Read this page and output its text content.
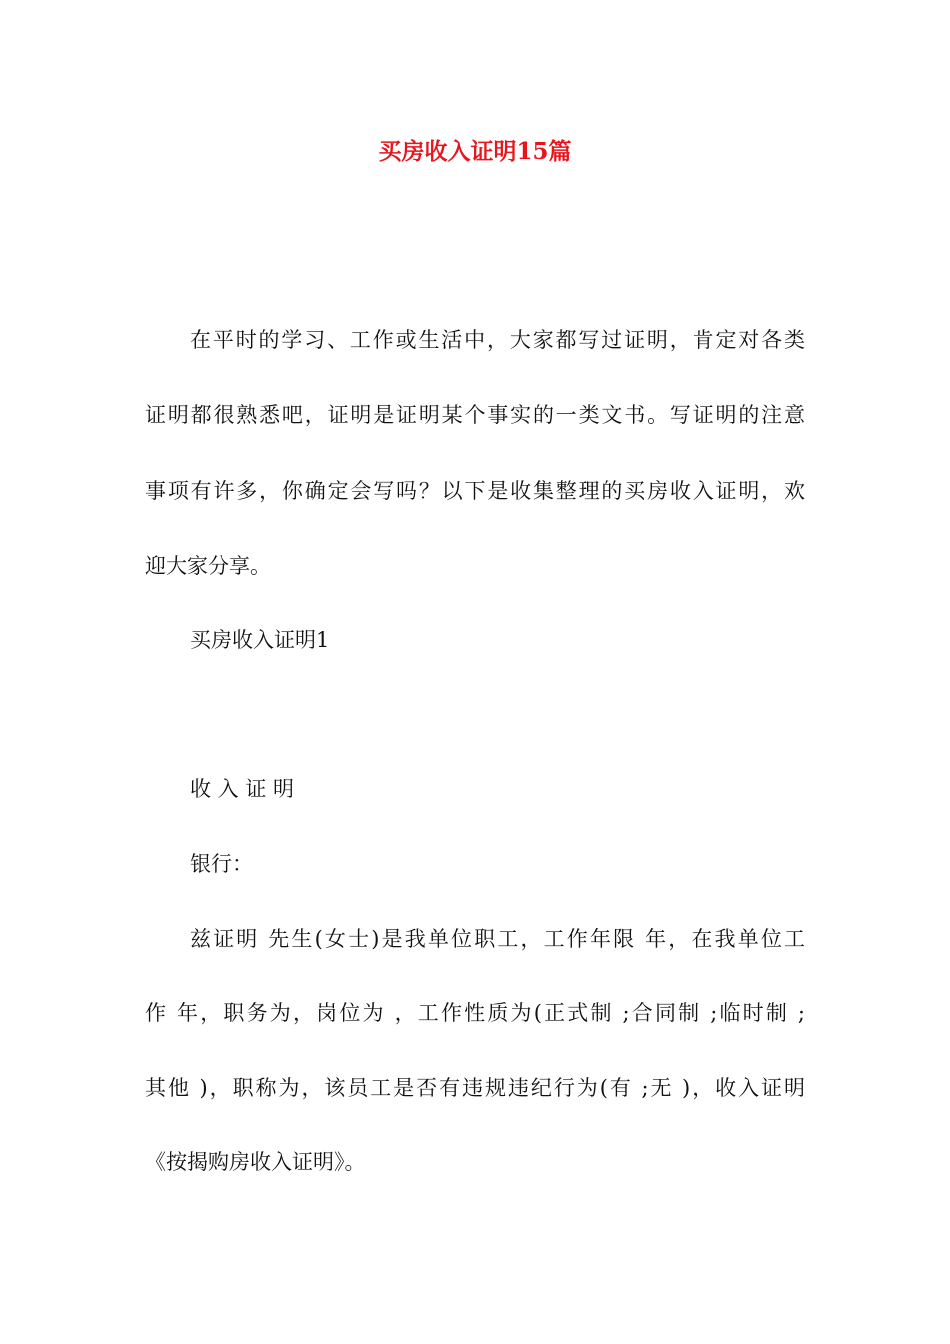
买房收入证明15篇

在平时的学习、工作或生活中，大家都写过证明，肯定对各类

证明都很熟悉吧，证明是证明某个事实的一类文书。写证明的注意

事项有许多，你确定会写吗？以下是收集整理的买房收入证明，欢

迎大家分享。

买房收入证明1

收 入 证 明

银行：

兹证明 先生(女士)是我单位职工，工作年限 年，在我单位工

作 年，职务为，岗位为 ，工作性质为(正式制 ;合同制 ;临时制 ;

其他 )，职称为，该员工是否有违规违纪行为(有 ;无 )，收入证明

《按揭购房收入证明》。
